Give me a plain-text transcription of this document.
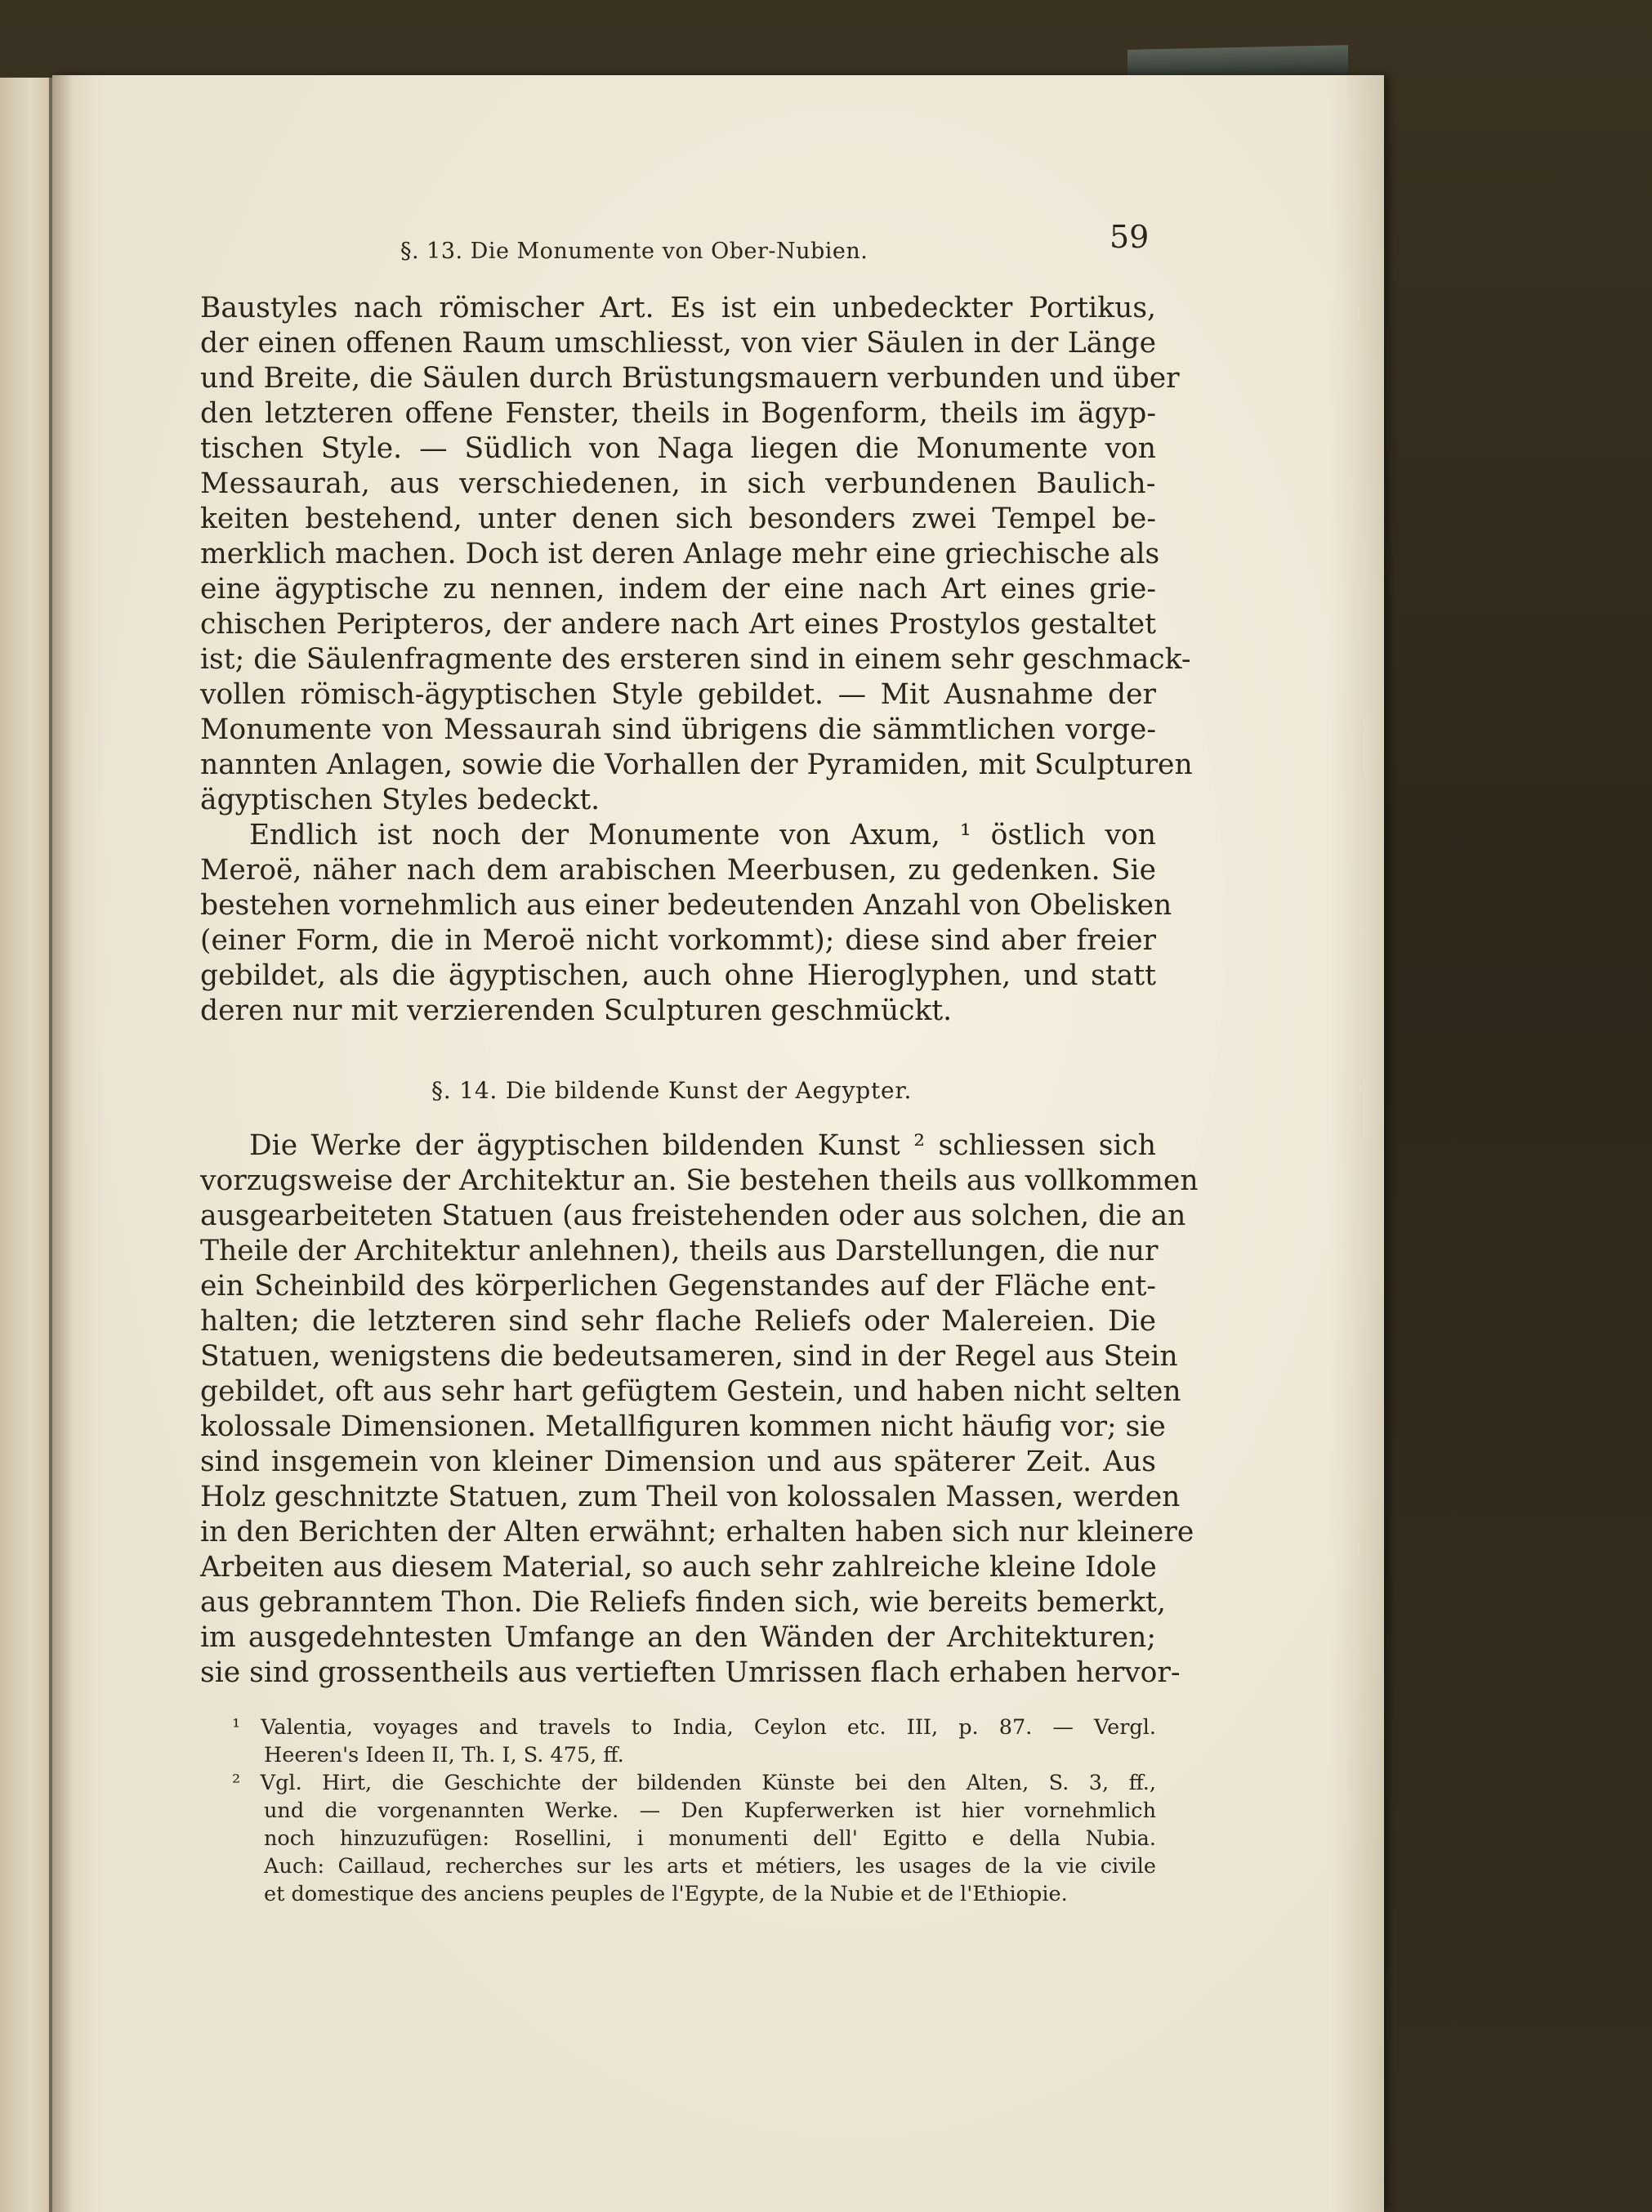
§. 13. Die Monumente von Ober-Nubien.	59
Baustyles nach römischer Art. Es ist ein unbedeckter Portikus,
der einen offenen Raum umschliesst, von vier Säulen in der Länge
und Breite, die Säulen durch Brüstungsmauern verbunden und über
den letzteren offene Fenster, theils in Bogenform, theils im ägyp-
tischen Style. — Südlich von Naga liegen die Monumente von
Messaurah, aus verschiedenen, in sich verbundenen Baulich-
keiten bestehend, unter denen sich besonders zwei Tempel be-
merklich machen. Doch ist deren Anlage mehr eine griechische als
eine ägyptische zu nennen, indem der eine nach Art eines grie-
chischen Peripteros, der andere nach Art eines Prostylos gestaltet
ist; die Säulenfragmente des ersteren sind in einem sehr geschmack-
vollen römisch-ägyptischen Style gebildet. — Mit Ausnahme der
Monumente von Messaurah sind übrigens die sämmtlichen vorge-
nannten Anlagen, sowie die Vorhallen der Pyramiden, mit Sculpturen
ägyptischen Styles bedeckt.
Endlich ist noch der Monumente von Axum, ¹ östlich von
Meroë, näher nach dem arabischen Meerbusen, zu gedenken. Sie
bestehen vornehmlich aus einer bedeutenden Anzahl von Obelisken
(einer Form, die in Meroë nicht vorkommt); diese sind aber freier
gebildet, als die ägyptischen, auch ohne Hieroglyphen, und statt
deren nur mit verzierenden Sculpturen geschmückt.
§. 14. Die bildende Kunst der Aegypter.
Die Werke der ägyptischen bildenden Kunst ² schliessen sich
vorzugsweise der Architektur an. Sie bestehen theils aus vollkommen
ausgearbeiteten Statuen (aus freistehenden oder aus solchen, die an
Theile der Architektur anlehnen), theils aus Darstellungen, die nur
ein Scheinbild des körperlichen Gegenstandes auf der Fläche ent-
halten; die letzteren sind sehr flache Reliefs oder Malereien. Die
Statuen, wenigstens die bedeutsameren, sind in der Regel aus Stein
gebildet, oft aus sehr hart gefügtem Gestein, und haben nicht selten
kolossale Dimensionen. Metallfiguren kommen nicht häufig vor; sie
sind insgemein von kleiner Dimension und aus späterer Zeit. Aus
Holz geschnitzte Statuen, zum Theil von kolossalen Massen, werden
in den Berichten der Alten erwähnt; erhalten haben sich nur kleinere
Arbeiten aus diesem Material, so auch sehr zahlreiche kleine Idole
aus gebranntem Thon. Die Reliefs finden sich, wie bereits bemerkt,
im ausgedehntesten Umfange an den Wänden der Architekturen;
sie sind grossentheils aus vertieften Umrissen flach erhaben hervor-
¹ Valentia, voyages and travels to India, Ceylon etc. III, p. 87. — Vergl.
Heeren's Ideen II, Th. I, S. 475, ff.
² Vgl. Hirt, die Geschichte der bildenden Künste bei den Alten, S. 3, ff.,
und die vorgenannten Werke. — Den Kupferwerken ist hier vornehmlich
noch hinzuzufügen: Rosellini, i monumenti dell' Egitto e della Nubia.
Auch: Caillaud, recherches sur les arts et métiers, les usages de la vie civile
et domestique des anciens peuples de l'Egypte, de la Nubie et de l'Ethiopie.
